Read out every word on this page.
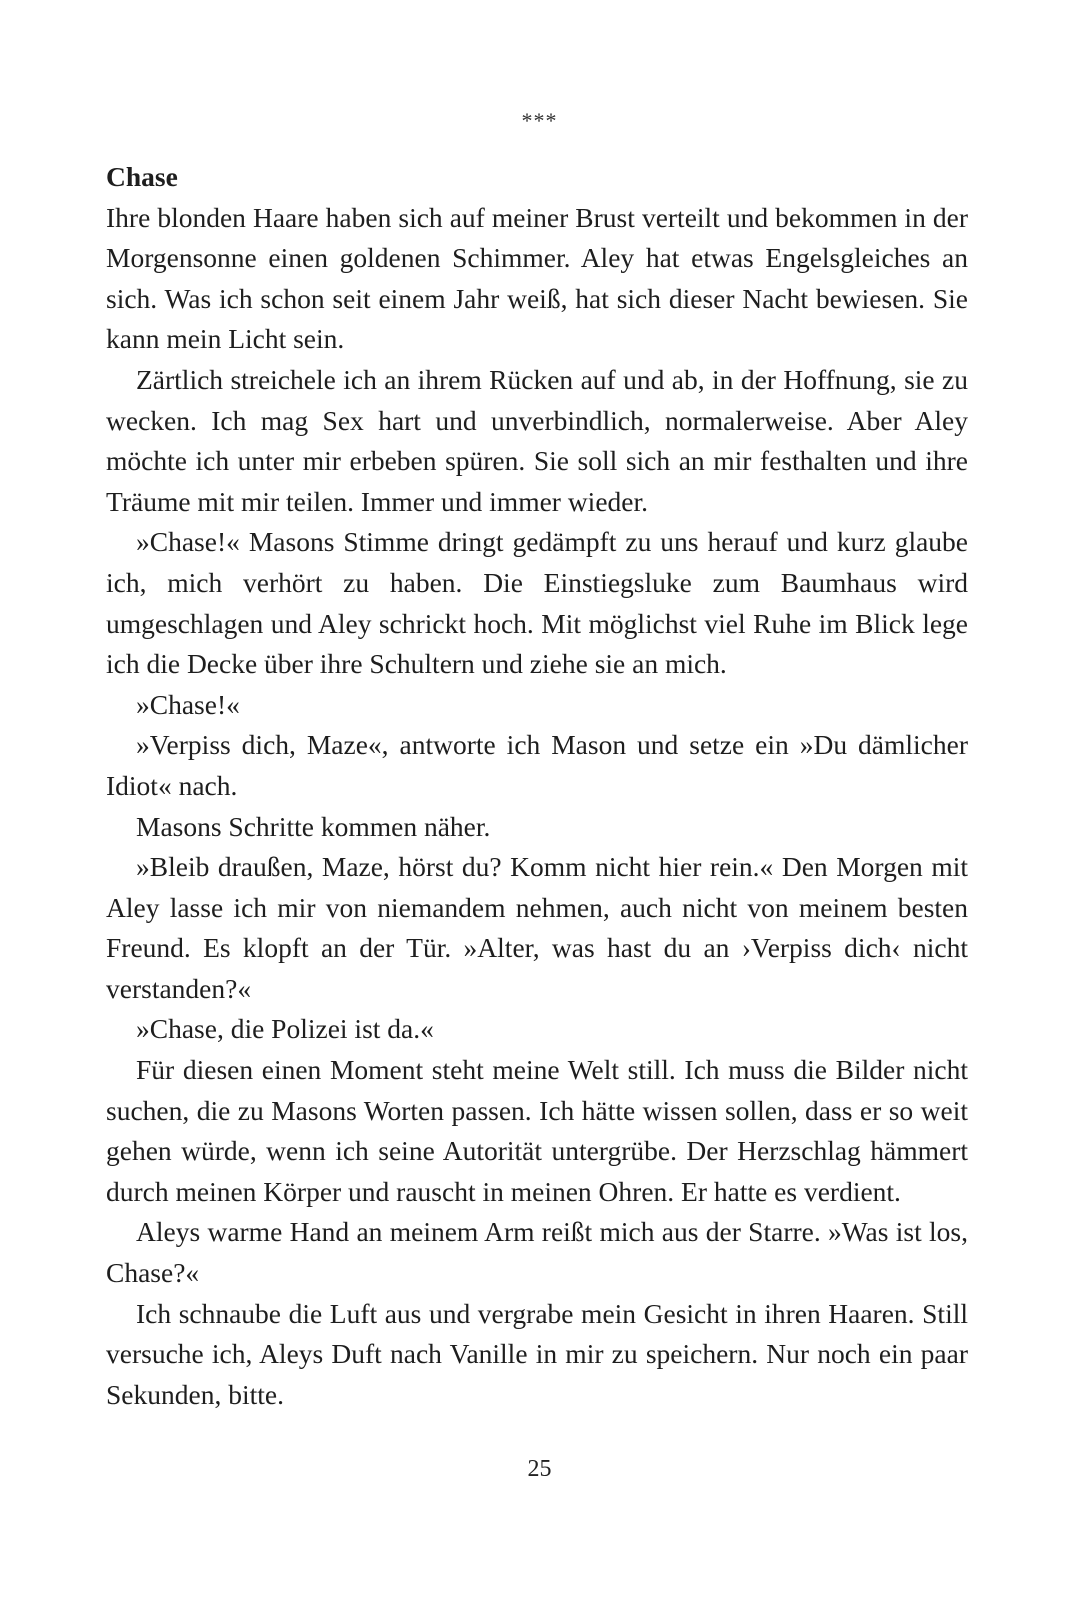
***

Chase

Ihre blonden Haare haben sich auf meiner Brust verteilt und bekommen in der Morgensonne einen goldenen Schimmer. Aley hat etwas Engelsgleiches an sich. Was ich schon seit einem Jahr weiß, hat sich dieser Nacht bewiesen. Sie kann mein Licht sein.

Zärtlich streichele ich an ihrem Rücken auf und ab, in der Hoffnung, sie zu wecken. Ich mag Sex hart und unverbindlich, normalerweise. Aber Aley möchte ich unter mir erbeben spüren. Sie soll sich an mir festhalten und ihre Träume mit mir teilen. Immer und immer wieder.

»Chase!« Masons Stimme dringt gedämpft zu uns herauf und kurz glaube ich, mich verhört zu haben. Die Einstiegsluke zum Baumhaus wird umgeschlagen und Aley schrickt hoch. Mit möglichst viel Ruhe im Blick lege ich die Decke über ihre Schultern und ziehe sie an mich.

»Chase!«

»Verpiss dich, Maze«, antworte ich Mason und setze ein »Du dämlicher Idiot« nach.

Masons Schritte kommen näher.

»Bleib draußen, Maze, hörst du? Komm nicht hier rein.« Den Morgen mit Aley lasse ich mir von niemandem nehmen, auch nicht von meinem besten Freund. Es klopft an der Tür. »Alter, was hast du an ›Verpiss dich‹ nicht verstanden?«

»Chase, die Polizei ist da.«

Für diesen einen Moment steht meine Welt still. Ich muss die Bilder nicht suchen, die zu Masons Worten passen. Ich hätte wissen sollen, dass er so weit gehen würde, wenn ich seine Autorität untergrübe. Der Herzschlag hämmert durch meinen Körper und rauscht in meinen Ohren. Er hatte es verdient.

Aleys warme Hand an meinem Arm reißt mich aus der Starre. »Was ist los, Chase?«

Ich schnaube die Luft aus und vergrabe mein Gesicht in ihren Haaren. Still versuche ich, Aleys Duft nach Vanille in mir zu speichern. Nur noch ein paar Sekunden, bitte.

25
